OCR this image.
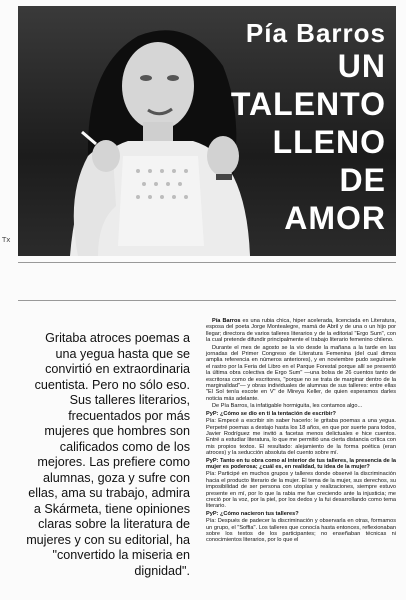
Pía Barros
UN
TALENTO
LLENO
DE
AMOR
Tx
Gritaba atroces poemas a una yegua hasta que se convirtió en extraordinaria cuentista. Pero no sólo eso. Sus talleres literarios, frecuentados por más mujeres que hombres son calificados como de los mejores. Las prefiere como alumnas, goza y sufre con ellas, ama su trabajo, admira a Skármeta, tiene opiniones claras sobre la literatura de mujeres y con su editorial, ha "convertido la miseria en dignidad".

Pía Barros es una rubia chica, hiper acelerada, licenciada en Literatura, esposa del poeta Jorge Montealegre, mamá de Abril y de una o un hijo por llegar; directora de varios talleres literarios y de la editorial "Ergo Sum", con la cual pretende difundir principalmente el trabajo literario femenino chileno.

Durante el mes de agosto se la vio desde la mañana a la tarde en las jornadas del Primer Congreso de Literatura Femenina (del cual dimos amplia referencia en números anteriores), y en noviembre pudo seguírsele el rastro por la Feria del Libro en el Parque Forestal porque allí se presentó la última obra colectiva de Ergo Sum" —una bolsa de 26 cuentos tanto de escritoras como de escritores, "porque no se trata de marginar dentro de la marginalidad"— y obras individuales de alumnas de sus talleres: entre ellas "El Sol tenía escote en V" de Mireya Keller, de quien esperamos darles noticia más adelante.

De Pía Barros, la infatigable hormiguita, les contamos algo...

PyP: ¿Cómo se dio en ti la tentación de escribir?

Pía: Empecé a escribir sin saber hacerlo: le gritaba poemas a una yegua. Perpetré poemas a destajo hasta los 18 años, en que por suerte para todos, Javier Rodríguez me invitó a facetas menos delictuales e hice cuentos. Entré a estudiar literatura, lo que me permitió una cierta distancia crítica con mis propios textos. El resultado: alejamiento de la forma poética (eran atroces) y la seducción absoluta del cuento sobre mí.

PyP: Tanto en tu obra como al interior de tus talleres, la presencia de la mujer es poderosa; ¿cuál es, en realidad, tu idea de la mujer?

Pía: Participé en muchos grupos y talleres donde observé la discriminación hacia el producto literario de la mujer. El tema de la mujer, sus derechos, su imposibilidad de ser persona con utopías y realizaciones, siempre estuvo presente en mí, por lo que la rabia me fue creciendo ante la injusticia; me creció por la voz, por la piel, por los dedos y la fui desarrollando como tema literario.

PyP: ¿Cómo nacieron tus talleres?

Pía: Después de padecer la discriminación y observarla en otras, formamos un grupo, el "Soffia". Los talleres que conocía hasta entonces, reflexionaban sobre los textos de los participantes; no enseñaban técnicas ni conocimientos literarios, por lo que el
